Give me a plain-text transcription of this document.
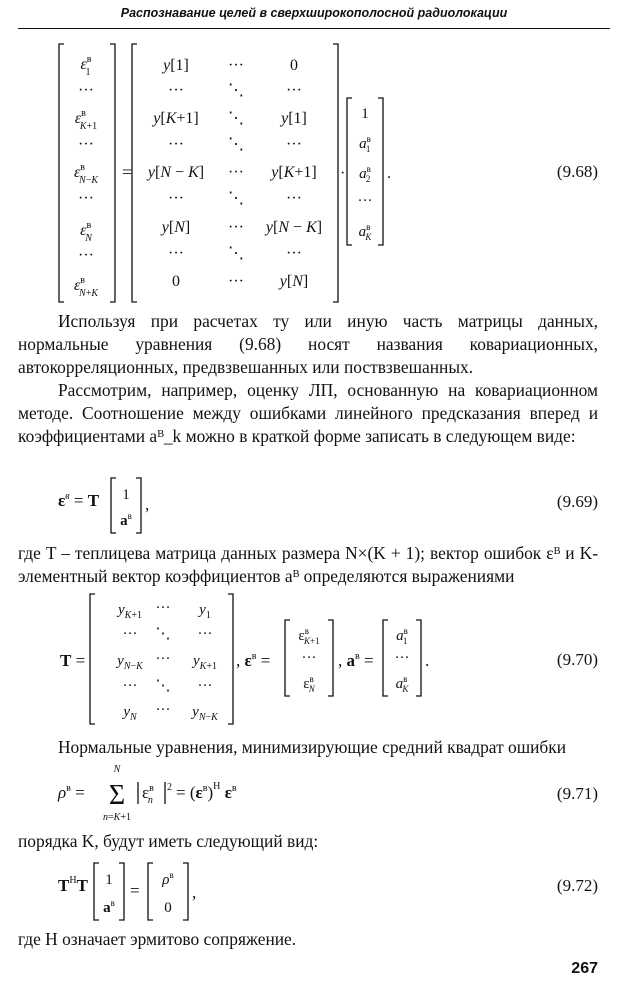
Распознавание целей в сверхширокополосной радиолокации
$\varepsilon^в$ 1
···
$\varepsilon^в$ K+1
···
$\varepsilon^в$ N−K
···
$\varepsilon^в$ N
···
$\varepsilon^в$ N+K
=
y[1] ···	0
···	⋱	···
y[K+1] ⋱ y[1]
···	⋱	···
y[N − K] ··· y[K+1]
···	⋱	···
y[N] ··· y[N − K]
···	⋱	···
0	··· y[N]
·
1
$a^в$ 1
$a^в$ 2
···
$a^в$ K
.	(9.68)

Используя при расчетах ту или иную часть матрицы данных, нормальные уравнения (9.68) носят названия ковариационных, автокорреляционных, предвзвешанных или поствзвешанных.

Рассмотрим, например, оценку ЛП, основанную на ковариационном методе. Соотношение между ошибками линейного предсказания вперед и коэффициентами aᴮ_k можно в краткой форме записать в следующем виде:

$\varepsilon^в = T$ 1
$a^в$
,	(9.69)

где T – теплицева матрица данных размера N×(K + 1); вектор ошибок εᴮ и K-элементный вектор коэффициентов aᴮ определяются выражениями

T =
$y_{K+1}$ ··· $y_1$
··· ⋱ ···
$y_{N-K}$ ··· $y_{K+1}$
··· ⋱ ···
$y_N$ ··· $y_{N-K}$
, $\varepsilon^в$ =
$\varepsilon^в$ K+1
···
$\varepsilon^в$ N
, $a^в$ =
$a^в$ 1
···
$a^в$ K
.	(9.70)

Нормальные уравнения, минимизирующие средний квадрат ошибки

$\rho^в$ =
N
Σ
n=K+1
$\varepsilon^в$ n
$2 = (\varepsilon^в)^H$ $\varepsilon^в$	(9.71)

порядка K, будут иметь следующий вид:

$T^HT$ 1
$a^в$
=
$\rho^в$
0
,	(9.72)

где H означает эрмитово сопряжение.

267
